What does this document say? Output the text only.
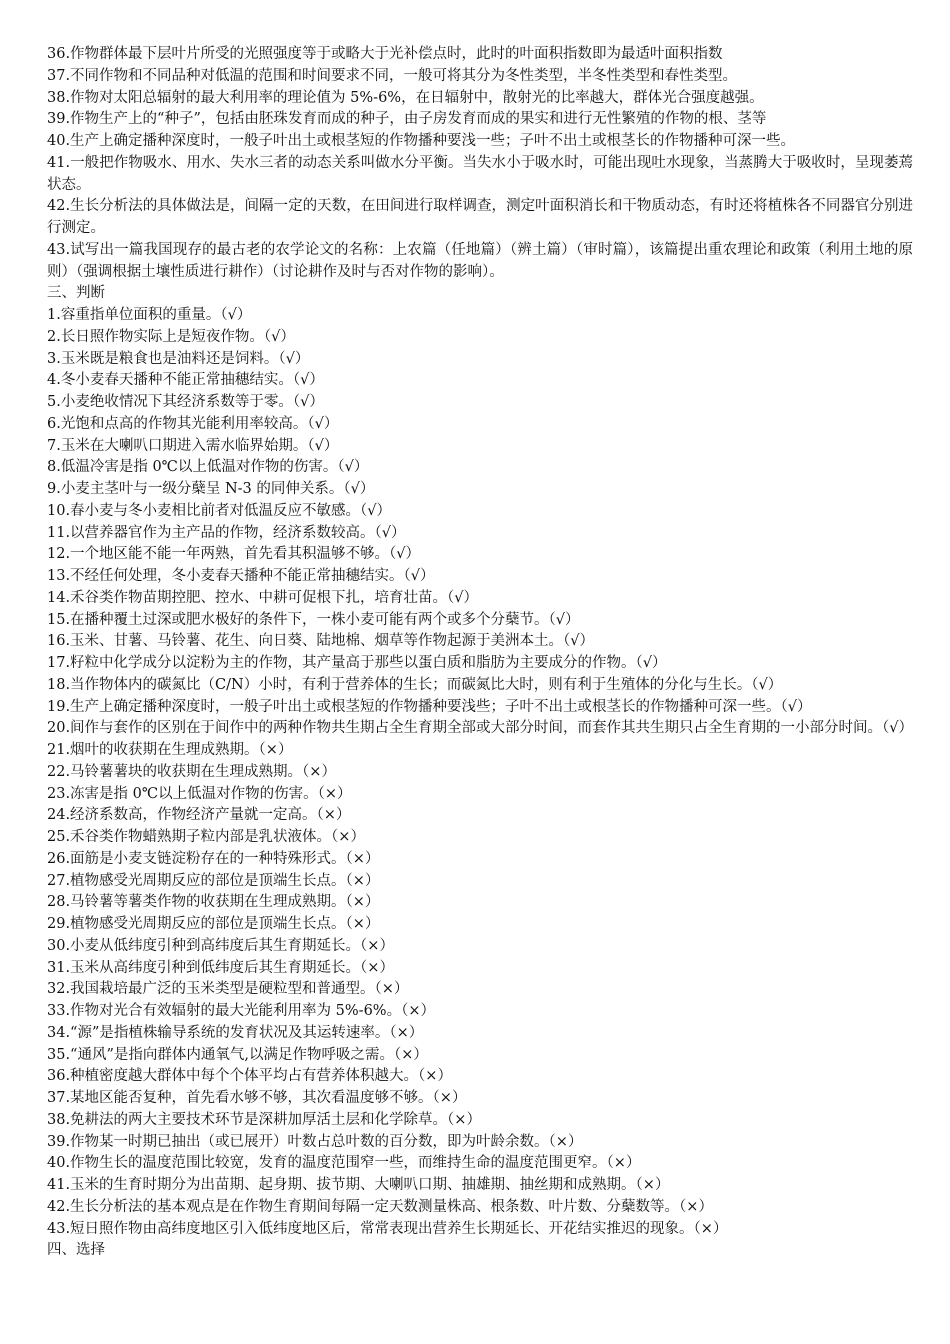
36.作物群体最下层叶片所受的光照强度等于或略大于光补偿点时，此时的叶面积指数即为最适叶面积指数
37.不同作物和不同品种对低温的范围和时间要求不同，一般可将其分为冬性类型，半冬性类型和春性类型。
38.作物对太阳总辐射的最大利用率的理论值为 5%-6%，在日辐射中，散射光的比率越大，群体光合强度越强。
39.作物生产上的“种子”，包括由胚珠发育而成的种子，由子房发育而成的果实和进行无性繁殖的作物的根、茎等
40.生产上确定播种深度时，一般子叶出土或根茎短的作物播种要浅一些；子叶不出土或根茎长的作物播种可深一些。
41.一般把作物吸水、用水、失水三者的动态关系叫做水分平衡。当失水小于吸水时，可能出现吐水现象，当蒸腾大于吸收时，呈现萎蔫状态。
42.生长分析法的具体做法是，间隔一定的天数，在田间进行取样调查，测定叶面积消长和干物质动态，有时还将植株各不同器官分别进行测定。
43.试写出一篇我国现存的最古老的农学论文的名称：上农篇（任地篇）（辨土篇）（审时篇），该篇提出重农理论和政策（利用土地的原则）（强调根据土壤性质进行耕作）（讨论耕作及时与否对作物的影响）。
三、判断
1.容重指单位面积的重量。（√）
2.长日照作物实际上是短夜作物。（√）
3.玉米既是粮食也是油料还是饲料。（√）
4.冬小麦春天播种不能正常抽穗结实。（√）
5.小麦绝收情况下其经济系数等于零。（√）
6.光饱和点高的作物其光能利用率较高。（√）
7.玉米在大喇叭口期进入需水临界始期。（√）
8.低温冷害是指 0℃以上低温对作物的伤害。（√）
9.小麦主茎叶与一级分蘖呈 N-3 的同伸关系。（√）
10.春小麦与冬小麦相比前者对低温反应不敏感。（√）
11.以营养器官作为主产品的作物，经济系数较高。（√）
12.一个地区能不能一年两熟，首先看其积温够不够。（√）
13.不经任何处理，冬小麦春天播种不能正常抽穗结实。（√）
14.禾谷类作物苗期控肥、控水、中耕可促根下扎，培育壮苗。（√）
15.在播种覆土过深或肥水极好的条件下，一株小麦可能有两个或多个分蘖节。（√）
16.玉米、甘薯、马铃薯、花生、向日葵、陆地棉、烟草等作物起源于美洲本土。（√）
17.籽粒中化学成分以淀粉为主的作物，其产量高于那些以蛋白质和脂肪为主要成分的作物。（√）
18.当作物体内的碳氮比（C/N）小时，有利于营养体的生长；而碳氮比大时，则有利于生殖体的分化与生长。（√）
19.生产上确定播种深度时，一般子叶出土或根茎短的作物播种要浅些；子叶不出土或根茎长的作物播种可深一些。（√）
20.间作与套作的区别在于间作中的两种作物共生期占全生育期全部或大部分时间，而套作其共生期只占全生育期的一小部分时间。（√）
21.烟叶的收获期在生理成熟期。（×）
22.马铃薯薯块的收获期在生理成熟期。（×）
23.冻害是指 0℃以上低温对作物的伤害。（×）
24.经济系数高，作物经济产量就一定高。（×）
25.禾谷类作物蜡熟期子粒内部是乳状液体。（×）
26.面筋是小麦支链淀粉存在的一种特殊形式。（×）
27.植物感受光周期反应的部位是顶端生长点。（×）
28.马铃薯等薯类作物的收获期在生理成熟期。（×）
29.植物感受光周期反应的部位是顶端生长点。（×）
30.小麦从低纬度引种到高纬度后其生育期延长。（×）
31.玉米从高纬度引种到低纬度后其生育期延长。（×）
32.我国栽培最广泛的玉米类型是硬粒型和普通型。（×）
33.作物对光合有效辐射的最大光能利用率为 5%-6%。（×）
34.“源”是指植株输导系统的发育状况及其运转速率。（×）
35.“通风”是指向群体内通氧气,以满足作物呼吸之需。（×）
36.种植密度越大群体中每个个体平均占有营养体积越大。（×）
37.某地区能否复种，首先看水够不够，其次看温度够不够。（×）
38.免耕法的两大主要技术环节是深耕加厚活土层和化学除草。（×）
39.作物某一时期已抽出（或已展开）叶数占总叶数的百分数，即为叶龄余数。（×）
40.作物生长的温度范围比较宽，发育的温度范围窄一些，而维持生命的温度范围更窄。（×）
41.玉米的生育时期分为出苗期、起身期、拔节期、大喇叭口期、抽雄期、抽丝期和成熟期。（×）
42.生长分析法的基本观点是在作物生育期间每隔一定天数测量株高、根条数、叶片数、分蘖数等。（×）
43.短日照作物由高纬度地区引入低纬度地区后，常常表现出营养生长期延长、开花结实推迟的现象。（×）
四、选择
